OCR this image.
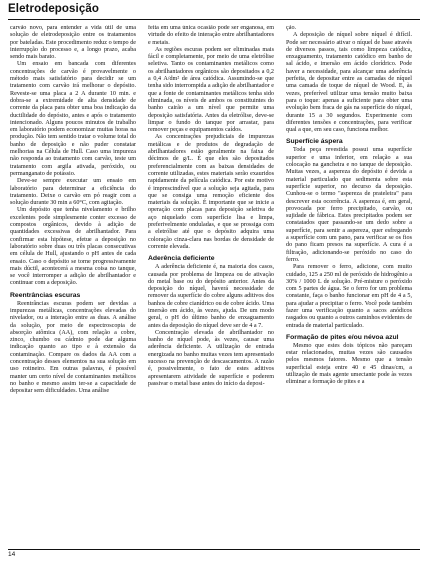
Eletrodeposição

carvão novo, para entender a vida útil de uma solução de eletrodeposição entre os tratamentos por bateladas. Este procedimento reduz o tempo de interrupção do processo e, a longo prazo, acaba sendo mais barato.

Um ensaio em bancada com diferentes concentrações de carvão é provavelmente o método mais satisfatório para decidir se um tratamento com carvão irá melhorar o depósito. Reveste-se uma placa a 2 A durante 10 min. e dobra-se a extremidade de alta densidade de corrente da placa para obter uma boa indicação da ductilidade do depósito, antes e após o tratamento intencionado. Alguns poucos minutos de trabalho em laboratório podem economizar muitas horas na produção. Não tem sentido tratar o volume total do banho de deposição e não puder constatar melhorias na Célula de Hull. Caso uma impureza não responda ao tratamento com carvão, teste um tratamento com argila ativada, peróxido, ou permanganato de potássio.

Deve-se sempre executar um ensaio em laboratório para determinar a eficiência do tratamento. Deixe o carvão em pó reagir com a solução durante 30 min a 60°C, com agitação.

Um depósito que tenha nivelamento e brilho excelentes pode simplesmente conter excesso de compostos orgânicos, devido à adição de quantidades excessivas de abrilhantador. Para confirmar esta hipótese, efetue a deposição no laboratório sobre duas ou três placas consecutivas em célula de Hull, ajustando o pH antes de cada ensaio. Caso o depósito se torne progressivamente mais dúctil, acontecerá a mesma coisa no tanque, se você interromper a adição de abrilhantador e continuar com a deposição.

Reentrâncias escuras

Reentrâncias escuras podem ser devidas a impurezas metálicas, concentrações elevadas do nivelador, ou a interação entre as duas. A análise da solução, por meio de espectroscopia de absorção atômica (AA), com relação a cobre, zinco, chumbo ou cádmio pode dar alguma indicação quanto ao tipo e à extensão da contaminação. Compare os dados da AA com a concentração desses elementos na sua solução em uso rotineiro. Em outras palavras, é possível manter um certo nível de contaminantes metálicos no banho e mesmo assim ter-se a capacidade de depositar sem dificuldades. Uma análise

feita em uma única ocasião pode ser enganosa, em virtude do efeito de interação entre abrilhantadores e metais.

As regiões escuras podem ser eliminadas mais fácil e completamente, por meio de uma eletrólise seletiva. Tanto os contaminantes metálicos como os abrilhantadores orgânicos são depositados a 0,2 a 0,4 A/dm² de área catódica. Assumindo-se que tenha sido interrompida a adição de abrilhantador e que a fonte de contaminantes metálicos tenha sido eliminada, os níveis de ambos os constituintes do banho cairão a um nível que permite uma deposição satisfatória. Antes da eletrólise, deve-se limpar o fundo do tanque por arrastar, para remover peças e equipamentos caídos.

As concentrações prejudiciais de impurezas metálicas e de produtos de degradação de abrilhantadores estão geralmente na faixa de décimos de g/L. É que eles são depositados preferencialmente com as baixas densidades de corrente utilizadas, estes materiais serão exauridos rapidamente da película catódica. Por este motivo é imprescindível que a solução seja agitada, para que se consiga uma remoção eficiente dos materiais da solução. É importante que se inicie a operação com placas para deposição seletiva de aço niquelado com superfície lisa e limpa, preferivelmente onduladas, e que se prossiga com a eletrólise até que o depósito adquira uma coloração cinza-clara nas bordas de densidade de corrente elevada.

Aderência deficiente

A aderência deficiente é, na maioria dos casos, causada por problema de limpeza ou de ativação do metal base ou do depósito anterior. Antes da deposição do níquel, haverá necessidade de remover da superfície do cobre alguns aditivos dos banhos de cobre cianídrico ou de cobre ácido. Uma imersão em ácido, às vezes, ajuda. De um modo geral, o pH do último banho de enxaguamento antes da deposição do níquel deve ser de 4 a 7.

Concentração elevada de abrilhantador no banho de níquel pode, às vezes, causar uma aderência deficiente. A utilização de entrada energizada no banho muitas vezes tem apresentado sucesso na prevenção de descascamentos. A razão é, possivelmente, o fato de estes aditivos apresentarem atividade de superfície e poderem passivar o metal base antes do início da deposi-

ção.

A deposição de níquel sobre níquel é difícil. Pode ser necessário ativar o níquel de base através de diversos passos, tais como limpeza catódica, enxaguamento, tratamento catódico em banho de sal ácido, e imersão em ácido clorídrico. Pode haver a necessidade, para alcançar uma aderência perfeita, de depositar entre as camadas de níquel uma camada de toque de níquel de Wood. E, às vezes, preferível utilizar uma tensão muito baixa para o toque: apenas a suficiente para obter uma evolução bem fraca de gás na superfície do níquel, durante 15 a 30 segundos. Experimente com diferentes tensões e concentrações, para verificar qual a que, em seu caso, funciona melhor.

Superfície áspera

Toda peça revestida possui uma superfície superior e uma inferior, em relação a sua colocação na gancheira e no tanque de deposição. Muitas vezes, a aspereza do depósito é devida a material particulado que sedimenta sobre esta superfície superior, no decurso da deposição. Cunhou-se o termo "aspereza de prateleira" para descrever esta ocorrência. A aspereza é, em geral, provocada por ferro precipitado, carvão, ou sujidade de fábrica. Estes precipitados podem ser constatados quer passando-se um dedo sobre a superfície, para sentir a aspereza, quer esfregando a superfície com um pano, para verificar se os fios do pano ficam presos na superfície. A cura é a filtração, adicionando-se peróxido no caso do ferro.

Para remover o ferro, adicione, com muito cuidado, 125 a 250 ml de peróxido de hidrogênio a 30% / 1000 L de solução. Pré-misture o peróxido com 5 partes de água. Se o ferro for um problema constante, faça o banho funcionar em pH de 4 a 5, para ajudar a precipitar o ferro. Você pode também fazer uma verificação quanto a sacos anódicos rasgados ou quanto a outros caminhos evidentes de entrada de material particulado.

Formação de pites e/ou névoa azul

Mesmo que estes dois tópicos não pareçam estar relacionados, muitas vezes são causados pelos mesmos fatores. Mesmo que a tensão superficial esteja entre 40 e 45 dinas/cm, a utilização de mais agente umectante pode às vezes eliminar a formação de pites e a

14
